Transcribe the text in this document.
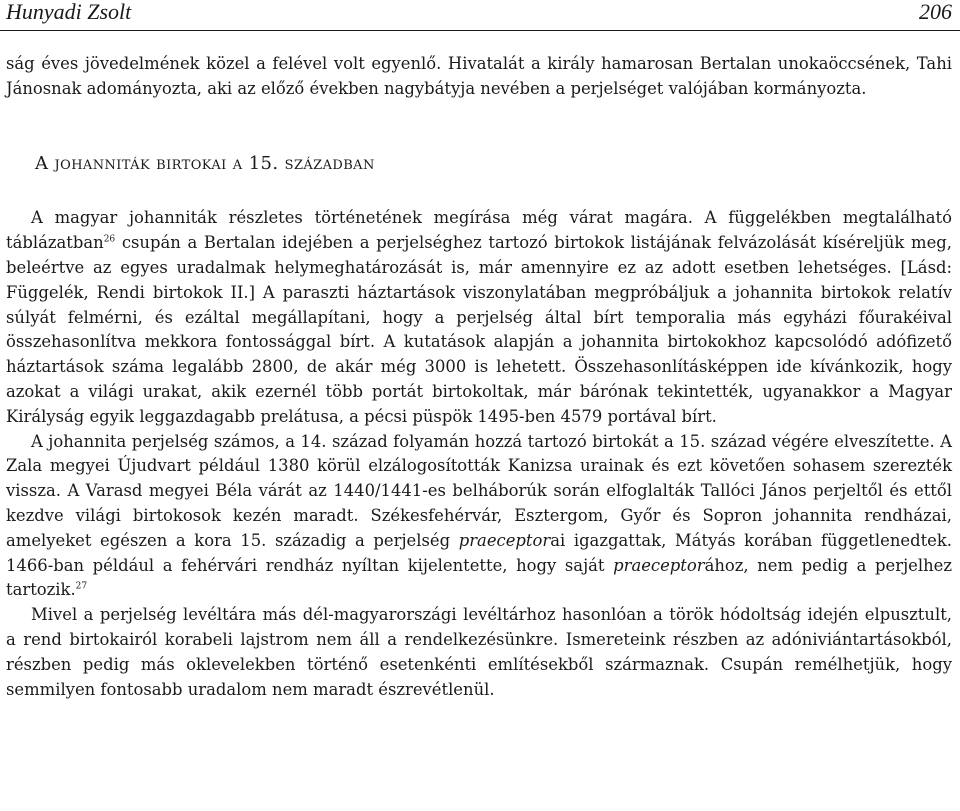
Hunyadi Zsolt	206

ság éves jövedelmének közel a felével volt egyenlő. Hivatalát a király hamarosan Bertalan unokaöccsének, Tahi Jánosnak adományozta, aki az előző években nagybátyja nevében a perjelséget valójában kormányozta.

A johanniták birtokai a 15. században

A magyar johanniták részletes történetének megírása még várat magára. A függelékben megtalálható táblázatban$^{26}$ csupán a Bertalan idejében a perjelséghez tartozó birtokok listájának felvázolását kíséreljük meg, beleértve az egyes uradalmak helymeghatározását is, már amennyire ez az adott esetben lehetséges. [Lásd: Függelék, Rendi birtokok II.] A paraszti háztartások viszonylatában megpróbáljuk a johannita birtokok relatív súlyát felmérni, és ezáltal megállapítani, hogy a perjelség által bírt temporalia más egyházi főurakéival összehasonlítva mekkora fontossággal bírt. A kutatások alapján a johannita birtokokhoz kapcsolódó adófizető háztartások száma legalább 2800, de akár még 3000 is lehetett. Összehasonlításképpen ide kívánkozik, hogy azokat a világi urakat, akik ezernél több portát birtokoltak, már bárónak tekintették, ugyanakkor a Magyar Királyság egyik leggazdagabb prelátusa, a pécsi püspök 1495-ben 4579 portával bírt.

A johannita perjelség számos, a 14. század folyamán hozzá tartozó birtokát a 15. század végére elveszítette. A Zala megyei Újudvart például 1380 körül elzálogosították Kanizsa urainak és ezt követően sohasem szerezték vissza. A Varasd megyei Béla várát az 1440/1441-es belháborúk során elfoglalták Tallóci János perjeltől és ettől kezdve világi birtokosok kezén maradt. Székesfehérvár, Esztergom, Győr és Sopron johannita rendházai, amelyeket egészen a kora 15. századig a perjelség praeceptorai igazgattak, Mátyás korában függetlenedtek. 1466-ban például a fehérvári rendház nyíltan kijelentette, hogy saját praeceptorához, nem pedig a perjelhez tartozik.$^{27}$

Mivel a perjelség levéltára más dél-magyarországi levéltárhoz hasonlóan a török hódoltság idején elpusztult, a rend birtokairól korabeli lajstrom nem áll a rendelkezésünkre. Ismereteink részben az adóniviántartásokból, részben pedig más oklevelekben történő esetenkénti említésekből származnak. Csupán remélhetjük, hogy semmilyen fontosabb uradalom nem maradt észrevétlenül.
